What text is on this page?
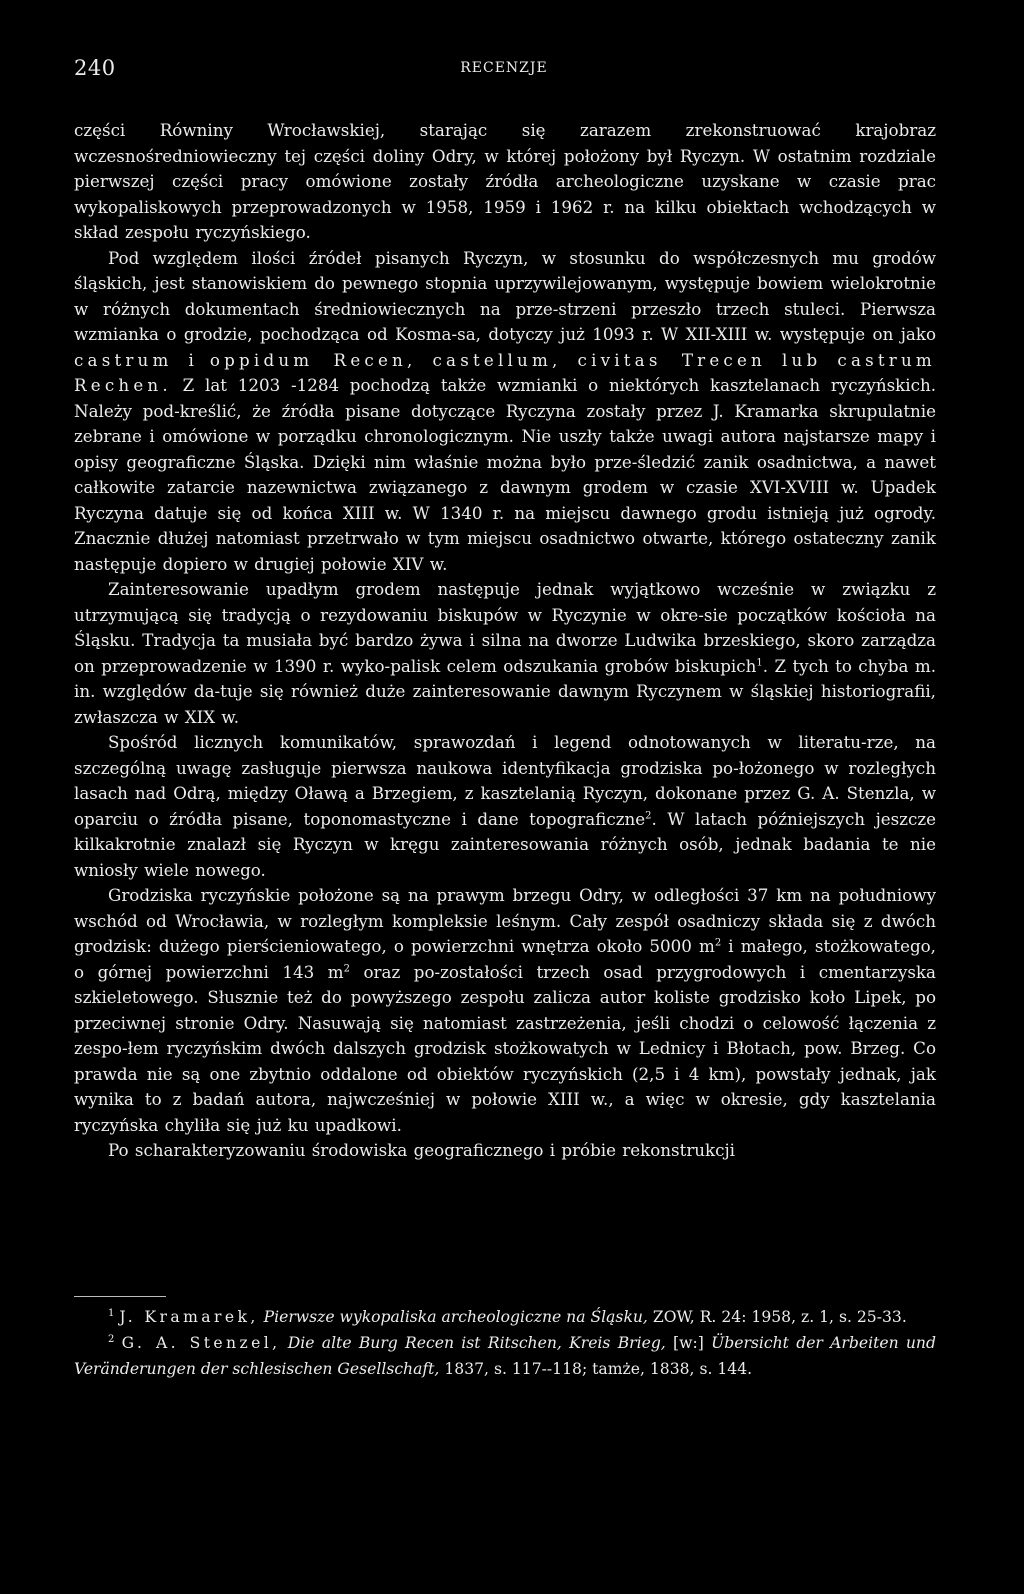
240	RECENZJE

części Równiny Wrocławskiej, starając się zarazem zrekonstruować krajobraz wczesnośredniowieczny tej części doliny Odry, w której położony był Ryczyn. W ostatnim rozdziale pierwszej części pracy omówione zostały źródła archeologiczne uzyskane w czasie prac wykopaliskowych przeprowadzonych w 1958, 1959 i 1962 r. na kilku obiektach wchodzących w skład zespołu ryczyńskiego.

Pod względem ilości źródeł pisanych Ryczyn, w stosunku do współczesnych mu grodów śląskich, jest stanowiskiem do pewnego stopnia uprzywilejowanym, występuje bowiem wielokrotnie w różnych dokumentach średniowiecznych na prze-strzeni przeszło trzech stuleci. Pierwsza wzmianka o grodzie, pochodząca od Kosma-sa, dotyczy już 1093 r. W XII-XIII w. występuje on jako castrum i oppidum Recen, castellum, civitas Trecen lub castrum Rechen. Z lat 1203 -1284 pochodzą także wzmianki o niektórych kasztelanach ryczyńskich. Należy pod-kreślić, że źródła pisane dotyczące Ryczyna zostały przez J. Kramarka skrupulatnie zebrane i omówione w porządku chronologicznym. Nie uszły także uwagi autora najstarsze mapy i opisy geograficzne Śląska. Dzięki nim właśnie można było prze-śledzić zanik osadnictwa, a nawet całkowite zatarcie nazewnictwa związanego z dawnym grodem w czasie XVI-XVIII w. Upadek Ryczyna datuje się od końca XIII w. W 1340 r. na miejscu dawnego grodu istnieją już ogrody. Znacznie dłużej natomiast przetrwało w tym miejscu osadnictwo otwarte, którego ostateczny zanik następuje dopiero w drugiej połowie XIV w.

Zainteresowanie upadłym grodem następuje jednak wyjątkowo wcześnie w związku z utrzymującą się tradycją o rezydowaniu biskupów w Ryczynie w okre-sie początków kościoła na Śląsku. Tradycja ta musiała być bardzo żywa i silna na dworze Ludwika brzeskiego, skoro zarządza on przeprowadzenie w 1390 r. wyko-palisk celem odszukania grobów biskupich$^1$. Z tych to chyba m. in. względów da-tuje się również duże zainteresowanie dawnym Ryczynem w śląskiej historiografii, zwłaszcza w XIX w.

Spośród licznych komunikatów, sprawozdań i legend odnotowanych w literatu-rze, na szczególną uwagę zasługuje pierwsza naukowa identyfikacja grodziska po-łożonego w rozległych lasach nad Odrą, między Oławą a Brzegiem, z kasztelanią Ryczyn, dokonane przez G. A. Stenzla, w oparciu o źródła pisane, toponomastyczne i dane topograficzne$^2$. W latach późniejszych jeszcze kilkakrotnie znalazł się Ryczyn w kręgu zainteresowania różnych osób, jednak badania te nie wniosły wiele nowego.

Grodziska ryczyńskie położone są na prawym brzegu Odry, w odległości 37 km na południowy wschód od Wrocławia, w rozległym kompleksie leśnym. Cały zespół osadniczy składa się z dwóch grodzisk: dużego pierścieniowatego, o powierzchni wnętrza około 5000 $m^2$ i małego, stożkowatego, o górnej powierzchni 143 $m^2$ oraz po-zostałości trzech osad przygrodowych i cmentarzyska szkieletowego. Słusznie też do powyższego zespołu zalicza autor koliste grodzisko koło Lipek, po przeciwnej stronie Odry. Nasuwają się natomiast zastrzeżenia, jeśli chodzi o celowość łączenia z zespo-łem ryczyńskim dwóch dalszych grodzisk stożkowatych w Lednicy i Błotach, pow. Brzeg. Co prawda nie są one zbytnio oddalone od obiektów ryczyńskich (2,5 i 4 km), powstały jednak, jak wynika to z badań autora, najwcześniej w połowie XIII w., a więc w okresie, gdy kasztelania ryczyńska chyliła się już ku upadkowi.

Po scharakteryzowaniu środowiska geograficznego i próbie rekonstrukcji

$^1$ J. Kramarek, Pierwsze wykopaliska archeologiczne na Śląsku, ZOW, R. 24: 1958, z. 1, s. 25-33.

$^2$ G. A. Stenzel, Die alte Burg Recen ist Ritschen, Kreis Brieg, [w:] Übersicht der Arbeiten und Veränderungen der schlesischen Gesellschaft, 1837, s. 117--118; tamże, 1838, s. 144.
